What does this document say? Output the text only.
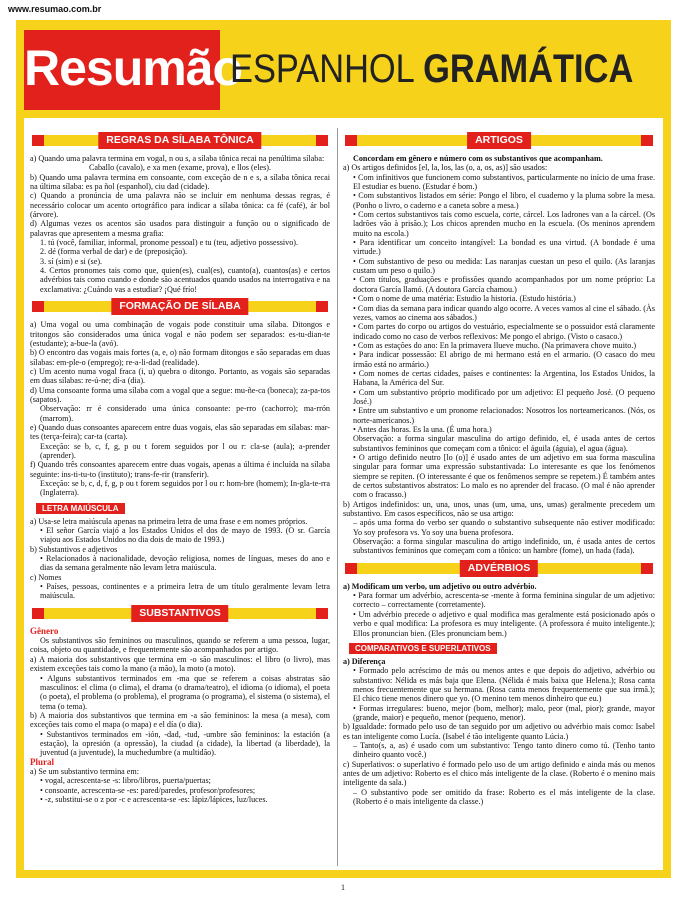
www.resumao.com.br
Resumão
ESPANHOL GRAMÁTICA
REGRAS DA SÍLABA TÔNICA

a) Quando uma palavra termina em vogal, n ou s, a sílaba tônica recai na penúltima sílaba:

Caballo (cavalo), e xa men (exame, prova), e llos (eles).

b) Quando uma palavra termina em consoante, com exceção de n e s, a sílaba tônica recai na última sílaba: es pa ñol (espanhol), ciu dad (cidade).

c) Quando a pronúncia de uma palavra não se incluir em nenhuma dessas regras, é necessário colocar um acento ortográfico para indicar a sílaba tônica: ca fé (café), ár bol (árvore).

d) Algumas vezes os acentos são usados para distinguir a função ou o significado de palavras que apresentem a mesma grafia:

1. tú (você, familiar, informal, pronome pessoal) e tu (teu, adjetivo possessivo).

2. dé (forma verbal de dar) e de (preposição).

3. sí (sim) e si (se).

4. Certos pronomes tais como que, quien(es), cual(es), cuanto(a), cuantos(as) e certos advérbios tais como cuando e donde são acentuados quando usados na interrogativa e na exclamativa: ¿Cuándo vas a estudiar? ¡Qué frío!

FORMAÇÃO DE SÍLABA

a) Uma vogal ou uma combinação de vogais pode constituir uma sílaba. Ditongos e tritongos são considerados uma única vogal e não podem ser separados: es-tu-dian-te (estudante); a-bue-la (avó).

b) O encontro das vogais mais fortes (a, e, o) não formam ditongos e são separadas em duas sílabas: em-ple-o (emprego); re-a-li-dad (realidade).

c) Um acento numa vogal fraca (i, u) quebra o ditongo. Portanto, as vogais são separadas em duas sílabas: re-ú-ne; dí-a (dia).

d) Uma consoante forma uma sílaba com a vogal que a segue: mu-ñe-ca (boneca); za-pa-tos (sapatos).

Observação: rr é considerado uma única consoante: pe-rro (cachorro); ma-rrón (marrom).

e) Quando duas consoantes aparecem entre duas vogais, elas são separadas em sílabas: mar-tes (terça-feira); car-ta (carta).

Exceção: se b, c, f, g, p ou t forem seguidos por l ou r: cla-se (aula); a-prender (aprender).

f) Quando três consoantes aparecem entre duas vogais, apenas a última é incluída na sílaba seguinte: ins-ti-tu-to (instituto); trans-fe-rir (transferir).

Exceção: se b, c, d, f, g, p ou t forem seguidos por l ou r: hom-bre (homem); In-gla-te-rra (Inglaterra).

LETRA MAIÚSCULA

a) Usa-se letra maiúscula apenas na primeira letra de uma frase e em nomes próprios.

• El señor García viajó a los Estados Unidos el dos de mayo de 1993. (O sr. García viajou aos Estados Unidos no dia dois de maio de 1993.)

b) Substantivos e adjetivos

• Relacionados à nacionalidade, devoção religiosa, nomes de línguas, meses do ano e dias da semana geralmente não levam letra maiúscula.

c) Nomes

• Países, pessoas, continentes e a primeira letra de um título geralmente levam letra maiúscula.

SUBSTANTIVOS

Gênero

Os substantivos são femininos ou masculinos, quando se referem a uma pessoa, lugar, coisa, objeto ou quantidade, e frequentemente são acompanhados por artigo.

a) A maioria dos substantivos que termina em -o são masculinos: el libro (o livro), mas existem exceções tais como la mano (a mão), la moto (a moto).

• Alguns substantivos terminados em -ma que se referem a coisas abstratas são masculinos: el clima (o clima), el drama (o drama/teatro), el idioma (o idioma), el poeta (o poeta), el problema (o problema), el programa (o programa), el sistema (o sistema), el tema (o tema).

b) A maioria dos substantivos que termina em -a são femininos: la mesa (a mesa), com exceções tais como el mapa (o mapa) e el día (o dia).

• Substantivos terminados em -ión, -dad, -tud, -umbre são femininos: la estación (a estação), la opresión (a opressão), la ciudad (a cidade), la libertad (a liberdade), la juventud (a juventude), la muchedumbre (a multidão).

Plural

a) Se um substantivo termina em:

• vogal, acrescenta-se -s: libro/libros, puerta/puertas;

• consoante, acrescenta-se -es: pared/paredes, profesor/profesores;

• -z, substitui-se o z por -c e acrescenta-se -es: lápiz/lápices, luz/luces.

ARTIGOS

Concordam em gênero e número com os substantivos que acompanham.

a) Os artigos definidos [el, la, los, las (o, a, os, as)] são usados:

• Com infinitivos que funcionem como substantivos, particularmente no início de uma frase. El estudiar es bueno. (Estudar é bom.)

• Com substantivos listados em série: Pongo el libro, el cuaderno y la pluma sobre la mesa. (Ponho o livro, o caderno e a caneta sobre a mesa.)

• Com certos substantivos tais como escuela, corte, cárcel. Los ladrones van a la cárcel. (Os ladrões vão à prisão.); Los chicos aprenden mucho en la escuela. (Os meninos aprendem muito na escola.)

• Para identificar um conceito intangível: La bondad es una virtud. (A bondade é uma virtude.)

• Com substantivo de peso ou medida: Las naranjas cuestan un peso el quilo. (As laranjas custam um peso o quilo.)

• Com títulos, graduações e profissões quando acompanhados por um nome próprio: La doctora García llamó. (A doutora García chamou.)

• Com o nome de uma matéria: Estudio la historia. (Estudo história.)

• Com dias da semana para indicar quando algo ocorre. A veces vamos al cine el sábado. (Às vezes, vamos ao cinema aos sábados.)

• Com partes do corpo ou artigos do vestuário, especialmente se o possuidor está claramente indicado como no caso de verbos reflexivos: Me pongo el abrigo. (Visto o casaco.)

• Com as estações do ano: En la primavera llueve mucho. (Na primavera chove muito.)

• Para indicar possessão: El abrigo de mi hermano está en el armario. (O casaco do meu irmão está no armário.)

• Com nomes de certas cidades, países e continentes: la Argentina, los Estados Unidos, la Habana, la América del Sur.

• Com um substantivo próprio modificado por um adjetivo: El pequeño José. (O pequeno José.)

• Entre um substantivo e um pronome relacionados: Nosotros los norteamericanos. (Nós, os norte-americanos.)

• Antes das horas. Es la una. (É uma hora.)

Observação: a forma singular masculina do artigo definido, el, é usada antes de certos substantivos femininos que começam com a tônico: el águila (águia), el agua (água).

• O artigo definido neutro [lo (o)] é usado antes de um adjetivo em sua forma masculina singular para formar uma expressão substantivada: Lo interesante es que los fenómenos siempre se repiten. (O interessante é que os fenômenos sempre se repetem.) É também antes de certos substantivos abstratos: Lo malo es no aprender del fracaso. (O mal é não aprender com o fracasso.)

b) Artigos indefinidos: un, una, unos, unas (um, uma, uns, umas) geralmente precedem um substantivo. Em casos específicos, não se usa artigo:

– após uma forma do verbo ser quando o substantivo subsequente não estiver modificado: Yo soy profesora vs. Yo soy una buena profesora.

Observação: a forma singular masculina do artigo indefinido, un, é usada antes de certos substantivos femininos que começam com a tônico: un hambre (fome), un hada (fada).

ADVÉRBIOS

a) Modificam um verbo, um adjetivo ou outro advérbio.

• Para formar um advérbio, acrescenta-se -mente à forma feminina singular de um adjetivo: correcto – correctamente (corretamente).

• Um advérbio precede o adjetivo e qual modifica mas geralmente está posicionado após o verbo e qual modifica: La profesora es muy inteligente. (A professora é muito inteligente.); Ellos pronuncian bien. (Eles pronunciam bem.)

COMPARATIVOS E SUPERLATIVOS

a) Diferença

• Formado pelo acréscimo de más ou menos antes e que depois do adjetivo, advérbio ou substantivo: Nélida es más baja que Elena. (Nélida é mais baixa que Helena.); Rosa canta menos frecuentemente que su hermana. (Rosa canta menos frequentemente que sua irmã.); El chico tiene menos dinero que yo. (O menino tem menos dinheiro que eu.)

• Formas irregulares: bueno, mejor (bom, melhor); malo, peor (mal, pior); grande, mayor (grande, maior) e pequeño, menor (pequeno, menor).

b) Igualdade: formado pelo uso de tan seguido por um adjetivo ou advérbio mais como: Isabel es tan inteligente como Lucía. (Isabel é tão inteligente quanto Lúcia.)

– Tanto(s, a, as) é usado com um substantivo: Tengo tanto dinero como tú. (Tenho tanto dinheiro quanto você.)

c) Superlativos: o superlativo é formado pelo uso de um artigo definido e ainda más ou menos antes de um adjetivo: Roberto es el chico más inteligente de la clase. (Roberto é o menino mais inteligente da sala.)

– O substantivo pode ser omitido da frase: Roberto es el más inteligente de la clase. (Roberto é o mais inteligente da classe.)

1
